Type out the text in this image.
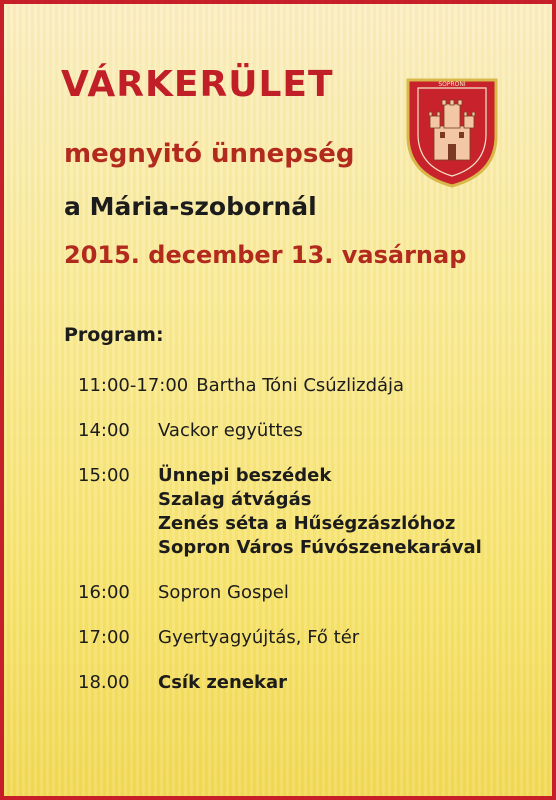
VÁRKERÜLET
megnyitó ünnepség
a Mária-szobornál
2015. december 13. vasárnap
SOPRONI
Program:
11:00-17:00 Bartha Tóni Csúzlizdája
14:00	Vackor együttes
15:00	Ünnepi beszédek
Szalag átvágás
Zenés séta a Hűségzászlóhoz
Sopron Város Fúvószenekarával
16:00	Sopron Gospel
17:00	Gyertyagyújtás, Fő tér
18.00	Csík zenekar
